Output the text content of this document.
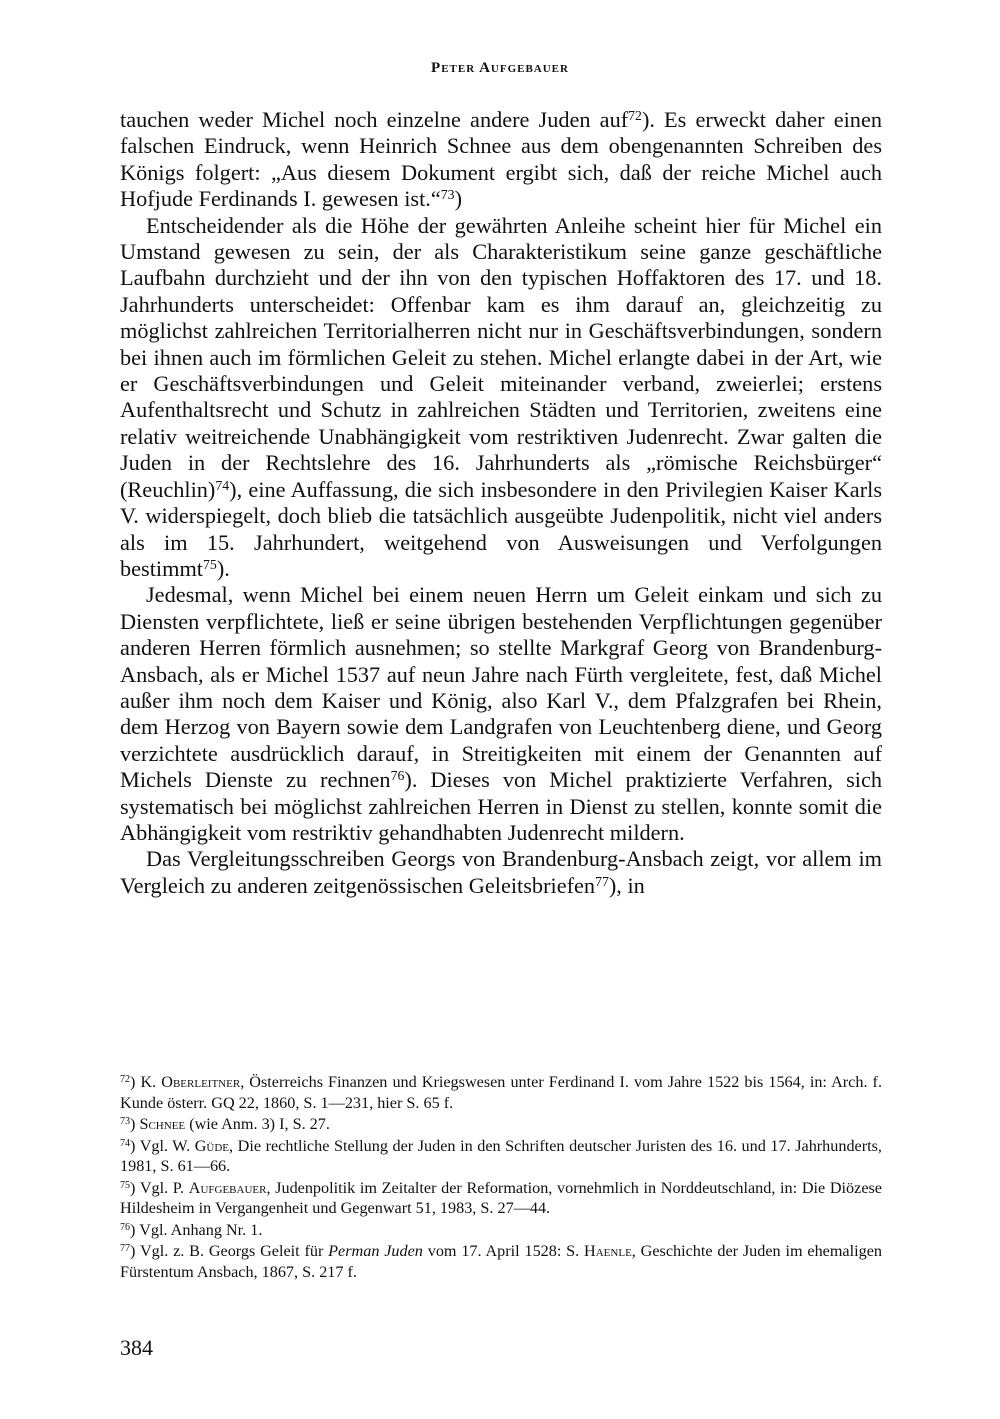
Peter Aufgebauer

tauchen weder Michel noch einzelne andere Juden auf$^{72}$). Es erweckt daher einen falschen Eindruck, wenn Heinrich Schnee aus dem obengenannten Schreiben des Königs folgert: „Aus diesem Dokument ergibt sich, daß der reiche Michel auch Hofjude Ferdinands I. gewesen ist.“$^{73}$)

Entscheidender als die Höhe der gewährten Anleihe scheint hier für Michel ein Umstand gewesen zu sein, der als Charakteristikum seine ganze geschäftliche Laufbahn durchzieht und der ihn von den typischen Hoffaktoren des 17. und 18. Jahrhunderts unterscheidet: Offenbar kam es ihm darauf an, gleichzeitig zu möglichst zahlreichen Territorialherren nicht nur in Geschäftsverbindungen, sondern bei ihnen auch im förmlichen Geleit zu stehen. Michel erlangte dabei in der Art, wie er Geschäftsverbindungen und Geleit miteinander verband, zweierlei; erstens Aufenthaltsrecht und Schutz in zahlreichen Städten und Territorien, zweitens eine relativ weitreichende Unabhängigkeit vom restriktiven Judenrecht. Zwar galten die Juden in der Rechtslehre des 16. Jahrhunderts als „römische Reichsbürger“ (Reuchlin)$^{74}$), eine Auffassung, die sich insbesondere in den Privilegien Kaiser Karls V. widerspiegelt, doch blieb die tatsächlich ausgeübte Judenpolitik, nicht viel anders als im 15. Jahrhundert, weitgehend von Ausweisungen und Verfolgungen bestimmt$^{75}$).

Jedesmal, wenn Michel bei einem neuen Herrn um Geleit einkam und sich zu Diensten verpflichtete, ließ er seine übrigen bestehenden Verpflichtungen gegenüber anderen Herren förmlich ausnehmen; so stellte Markgraf Georg von Brandenburg-Ansbach, als er Michel 1537 auf neun Jahre nach Fürth vergleitete, fest, daß Michel außer ihm noch dem Kaiser und König, also Karl V., dem Pfalzgrafen bei Rhein, dem Herzog von Bayern sowie dem Landgrafen von Leuchtenberg diene, und Georg verzichtete ausdrücklich darauf, in Streitigkeiten mit einem der Genannten auf Michels Dienste zu rechnen$^{76}$). Dieses von Michel praktizierte Verfahren, sich systematisch bei möglichst zahlreichen Herren in Dienst zu stellen, konnte somit die Abhängigkeit vom restriktiv gehandhabten Judenrecht mildern.

Das Vergleitungsschreiben Georgs von Brandenburg-Ansbach zeigt, vor allem im Vergleich zu anderen zeitgenössischen Geleitsbriefen$^{77}$), in

$^{72}$) K. Oberleitner, Österreichs Finanzen und Kriegswesen unter Ferdinand I. vom Jahre 1522 bis 1564, in: Arch. f. Kunde österr. GQ 22, 1860, S. 1—231, hier S. 65 f.
$^{73}$) Schnee (wie Anm. 3) I, S. 27.
$^{74}$) Vgl. W. Güde, Die rechtliche Stellung der Juden in den Schriften deutscher Juristen des 16. und 17. Jahrhunderts, 1981, S. 61—66.
$^{75}$) Vgl. P. Aufgebauer, Judenpolitik im Zeitalter der Reformation, vornehmlich in Norddeutschland, in: Die Diözese Hildesheim in Vergangenheit und Gegenwart 51, 1983, S. 27—44.
$^{76}$) Vgl. Anhang Nr. 1.
$^{77}$) Vgl. z. B. Georgs Geleit für Perman Juden vom 17. April 1528: S. Haenle, Geschichte der Juden im ehemaligen Fürstentum Ansbach, 1867, S. 217 f.
384
